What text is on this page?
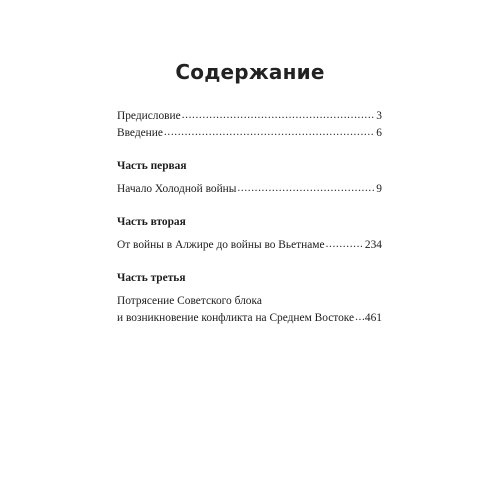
Содержание
Предисловие .....	3
Введение .....	6
Часть первая
Начало Холодной войны .....	9
Часть вторая
От войны в Алжире до войны во Вьетнаме .....	234
Часть третья
Потрясение Советского блока
и возникновение конфликта на Среднем Востоке ..... 461
